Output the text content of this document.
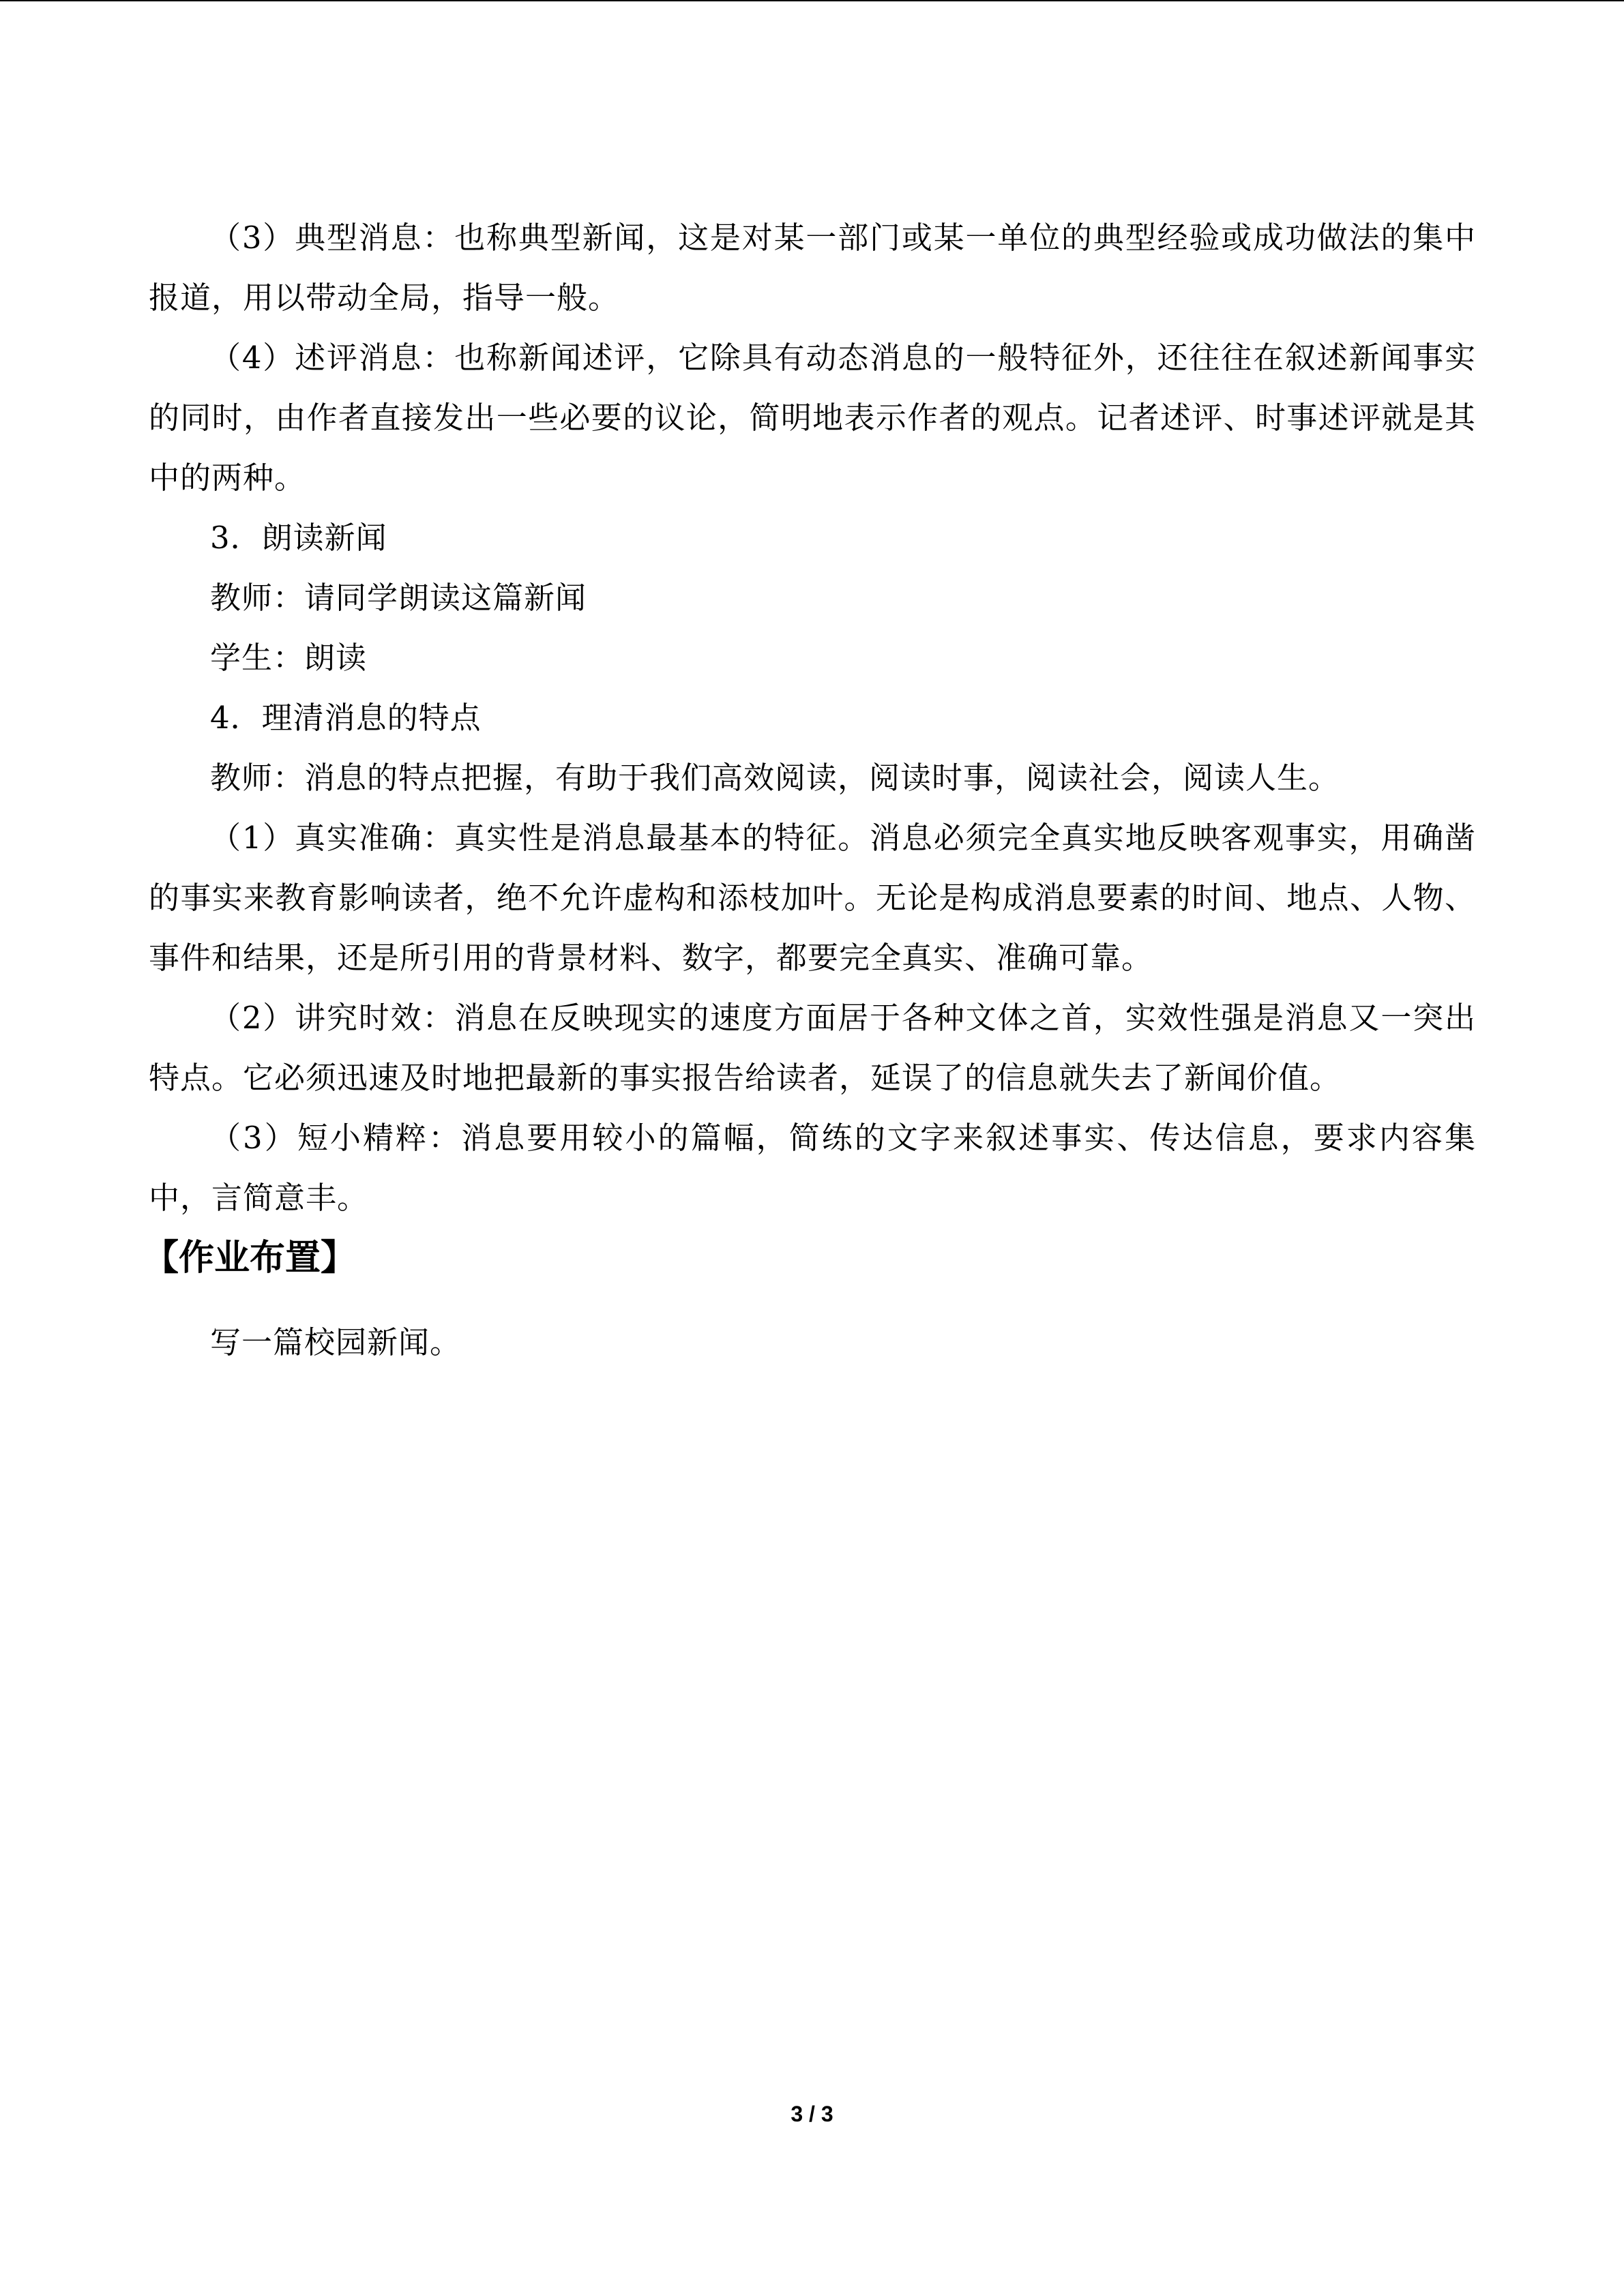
（3）典型消息：也称典型新闻，这是对某一部门或某一单位的典型经验或成功做法的集中报道，用以带动全局，指导一般。

（4）述评消息：也称新闻述评，它除具有动态消息的一般特征外，还往往在叙述新闻事实的同时，由作者直接发出一些必要的议论，简明地表示作者的观点。记者述评、时事述评就是其中的两种。

3．朗读新闻

教师：请同学朗读这篇新闻

学生：朗读

4．理清消息的特点

教师：消息的特点把握，有助于我们高效阅读，阅读时事，阅读社会，阅读人生。

（1）真实准确：真实性是消息最基本的特征。消息必须完全真实地反映客观事实，用确凿的事实来教育影响读者，绝不允许虚构和添枝加叶。无论是构成消息要素的时间、地点、人物、事件和结果，还是所引用的背景材料、数字，都要完全真实、准确可靠。

（2）讲究时效：消息在反映现实的速度方面居于各种文体之首，实效性强是消息又一突出特点。它必须迅速及时地把最新的事实报告给读者，延误了的信息就失去了新闻价值。

（3）短小精粹：消息要用较小的篇幅，简练的文字来叙述事实、传达信息，要求内容集中，言简意丰。

【作业布置】

写一篇校园新闻。

3 / 3
